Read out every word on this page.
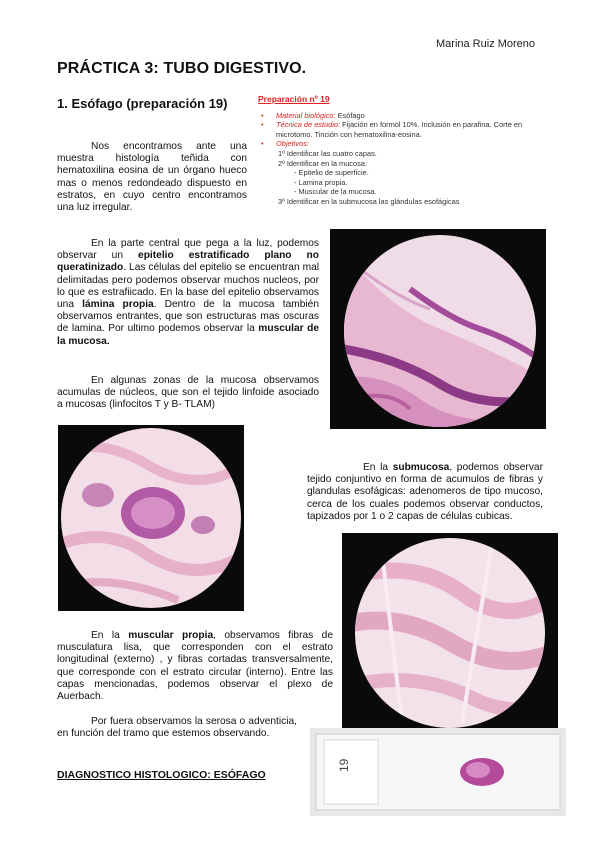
Marina Ruiz Moreno
PRÁCTICA 3: TUBO DIGESTIVO.
1. Esófago (preparación 19)	Preparación nº 19
• Material biológico: Esófago
• Técnica de estudio: Fijación en formol 10%. Inclusión en parafina. Corte en microtomo. Tinción con hematoxilina-eosina.
• Objetivos:
1º Identificar las cuatro capas.
2º Identificar en la mucosa:
- Epitelio de superficie.
- Lamina propia.
- Muscular de la mucosa.
3º Identificar en la submucosa las glándulas esofágicas
Nos encontramos ante una muestra histología teñida con hematoxilina eosina de un órgano hueco mas o menos redondeado dispuesto en estratos, en cuyo centro encontramos una luz irregular.
En la parte central que pega a la luz, podemos observar un epitelio estratificado plano no queratinizado. Las células del epitelio se encuentran mal delimitadas pero podemos observar muchos nucleos, por lo que es estrafiicado. En la base del epitelio observamos una lámina propia. Dentro de la mucosa también observamos entrantes, que son estructuras mas oscuras de lamina. Por ultimo podemos observar la muscular de la mucosa.
En algunas zonas de la mucosa observamos acumulas de núcleos, que son el tejido linfoide asociado a mucosas (linfocitos T y B- TLAM)
En la submucosa, podemos observar tejido conjuntivo en forma de acumulos de fibras y glandulas esofágicas: adenomeros de tipo mucoso, cerca de los cuales podemos observar conductos, tapizados por 1 o 2 capas de células cubicas.
En la muscular propia, observamos fibras de musculatura lisa, que corresponden con el estrato longitudinal (externo) , y fibras cortadas transversalmente, que corresponde con el estrato circular (interno). Entre las capas mencionadas, podemos observar el plexo de Auerbach.
Por fuera observamos la serosa o adventicia, en función del tramo que estemos observando.
DIAGNOSTICO HISTOLOGICO: ESÓFAGO
19
